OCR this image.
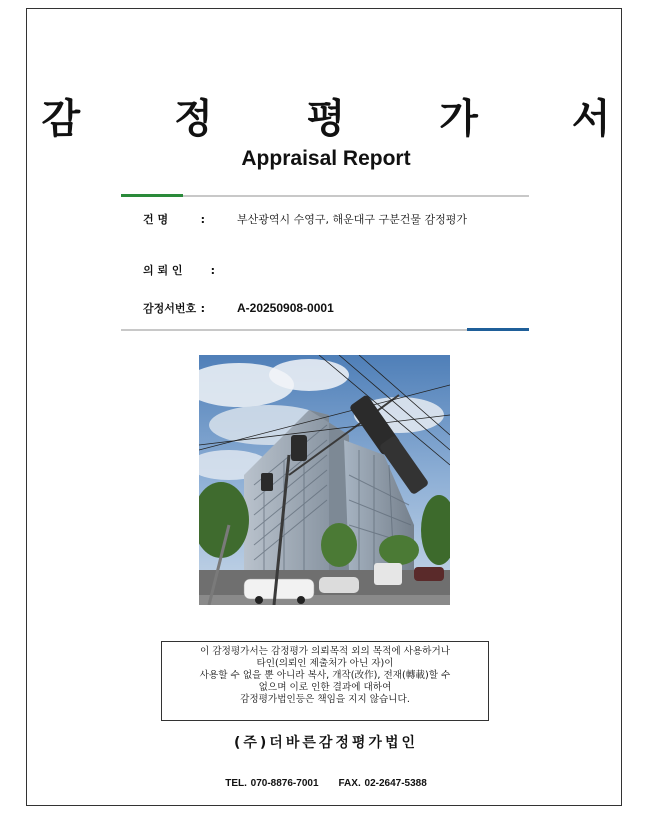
감 정 평 가 서
Appraisal Report
건 명	:	부산광역시 수영구, 해운대구 구분건물 감정평가
의 뢰 인	:
감정서번호 :	A-20250908-0001
이 감정평가서는 감정평가 의뢰목적 외의 목적에 사용하거나
타인(의뢰인 제출처가 아닌 자)이
사용할 수 없을 뿐 아니라 복사, 개작(改作), 전재(轉載)할 수
없으며 이로 인한 결과에 대하여
감정평가법인등은 책임을 지지 않습니다.
(주)더바른감정평가법인
TEL. 070-8876-7001　　FAX. 02-2647-5388
